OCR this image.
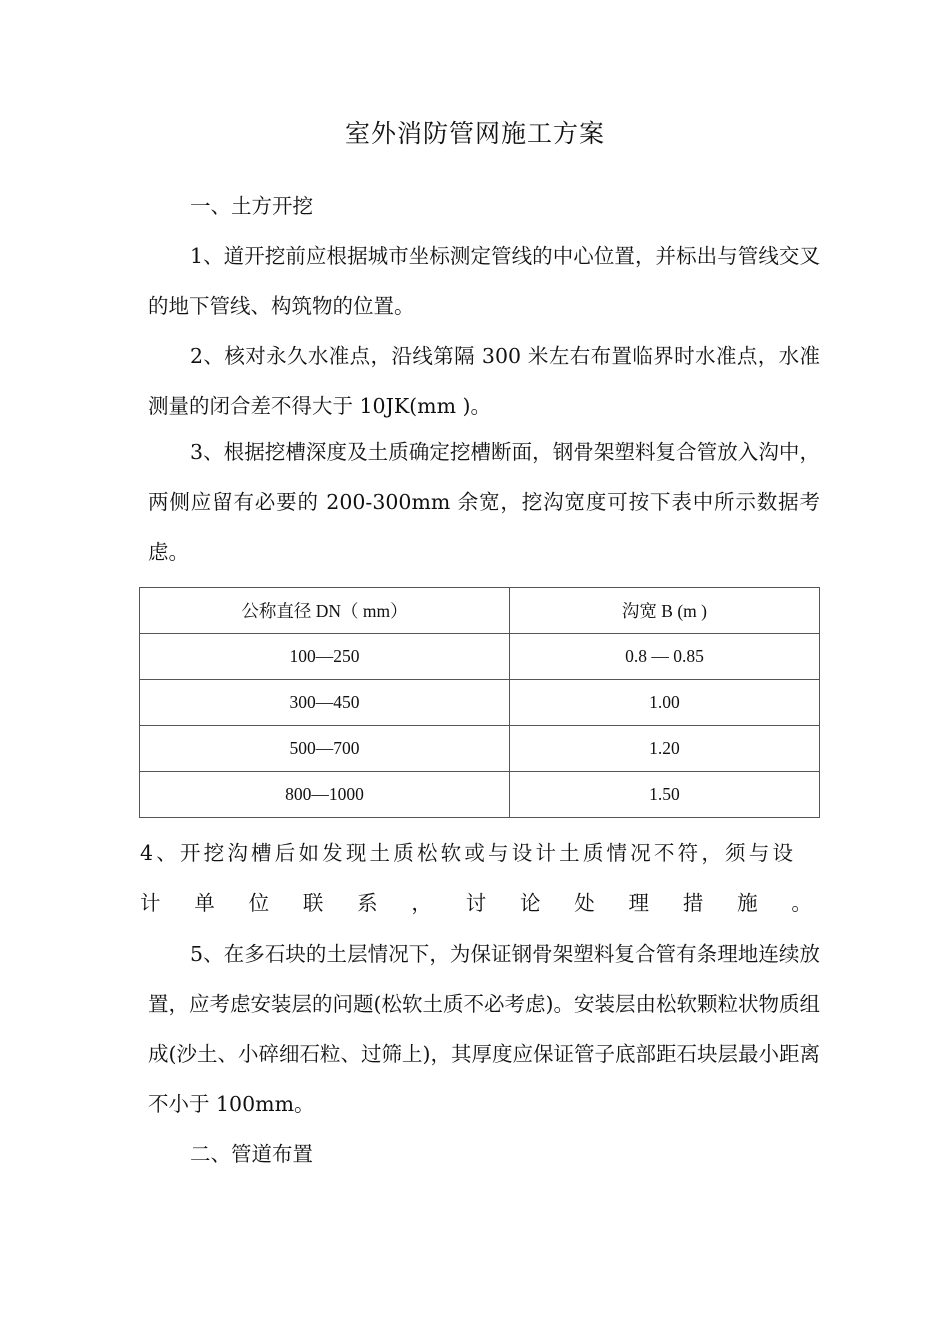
室外消防管网施工方案
一、土方开挖
1、道开挖前应根据城市坐标测定管线的中心位置，并标出与管线交叉的地下管线、构筑物的位置。
2、核对永久水准点，沿线第隔 300 米左右布置临界时水准点，水准测量的闭合差不得大于 10JK(mm )。
3、根据挖槽深度及土质确定挖槽断面，钢骨架塑料复合管放入沟中，两侧应留有必要的 200-300mm 余宽，挖沟宽度可按下表中所示数据考虑。
公称直径 DN（ mm）	沟宽 B (m )
100—250	0.8 — 0.85
300—450	1.00
500—700	1.20
800—1000	1.50
4、开挖沟槽后如发现土质松软或与设计土质情况不符，须与设
计 单 位 联 系 ， 讨 论 处 理 措 施 。
5、在多石块的土层情况下，为保证钢骨架塑料复合管有条理地连续放置，应考虑安装层的问题(松软土质不必考虑)。安装层由松软颗粒状物质组成(沙土、小碎细石粒、过筛上)，其厚度应保证管子底部距石块层最小距离不小于 100mm。
二、管道布置
